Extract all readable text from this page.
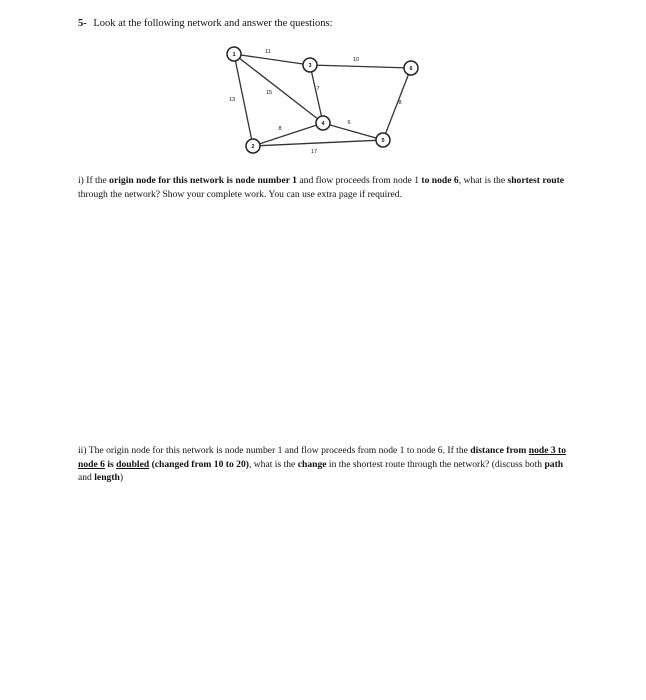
5- Look at the following network and answer the questions:
11
13
15
10
7
8
17
6
8
1
2
3
4
5
6

i) If the origin node for this network is node number 1 and flow proceeds from node 1 to node 6, what is the shortest route through the network? Show your complete work. You can use extra page if required.

ii) The origin node for this network is node number 1 and flow proceeds from node 1 to node 6. If the distance from node 3 to node 6 is doubled (changed from 10 to 20), what is the change in the shortest route through the network? (discuss both path and length)
